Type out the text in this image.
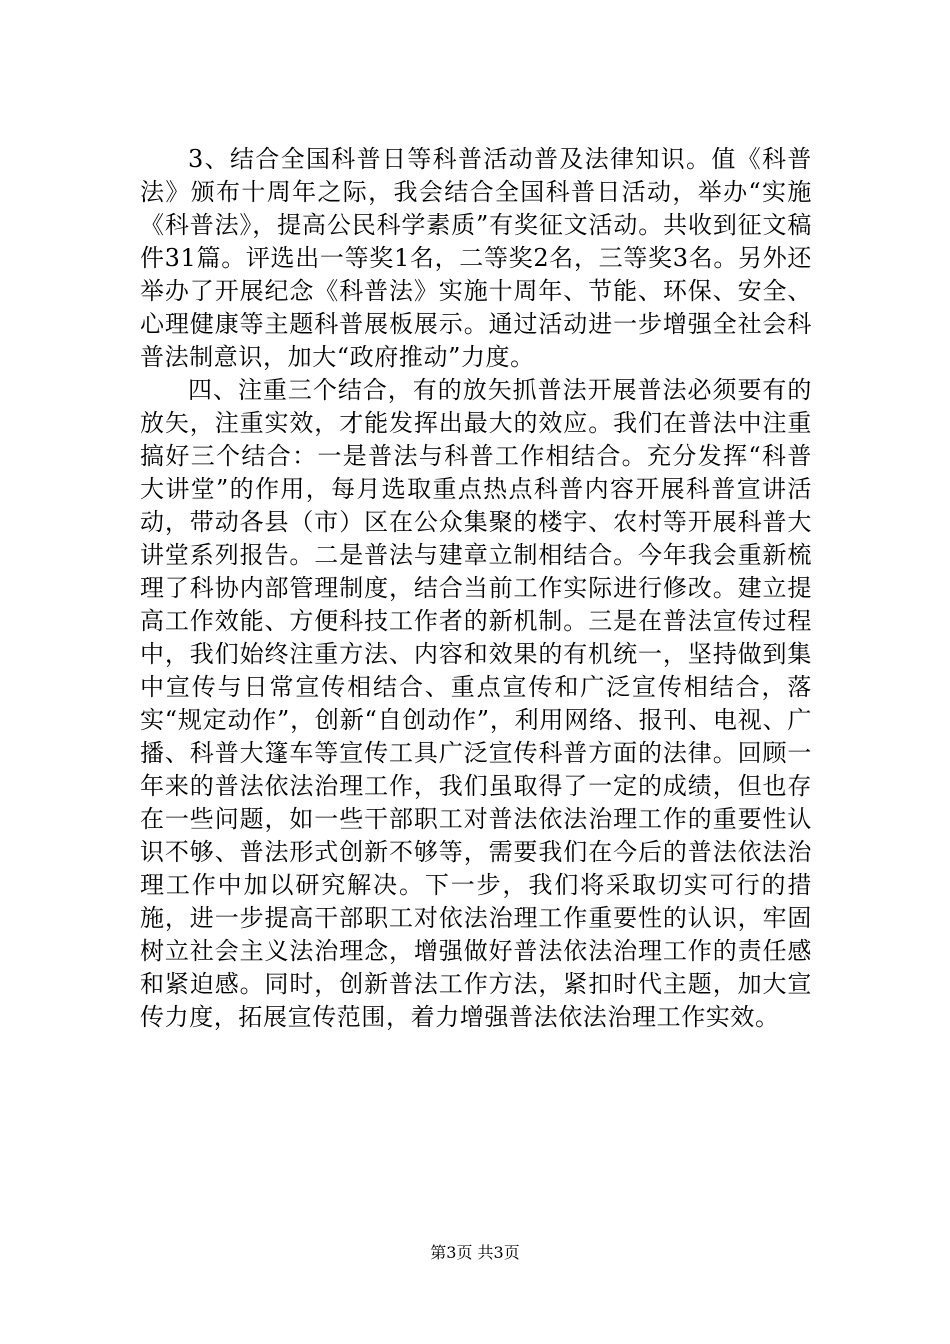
3、结合全国科普日等科普活动普及法律知识。值《科普法》颁布十周年之际，我会结合全国科普日活动，举办“实施《科普法》，提高公民科学素质”有奖征文活动。共收到征文稿件31篇。评选出一等奖1名，二等奖2名，三等奖3名。另外还举办了开展纪念《科普法》实施十周年、节能、环保、安全、心理健康等主题科普展板展示。通过活动进一步增强全社会科普法制意识，加大“政府推动”力度。

四、注重三个结合，有的放矢抓普法开展普法必须要有的放矢，注重实效，才能发挥出最大的效应。我们在普法中注重搞好三个结合：一是普法与科普工作相结合。充分发挥“科普大讲堂”的作用，每月选取重点热点科普内容开展科普宣讲活动，带动各县（市）区在公众集聚的楼宇、农村等开展科普大讲堂系列报告。二是普法与建章立制相结合。今年我会重新梳理了科协内部管理制度，结合当前工作实际进行修改。建立提高工作效能、方便科技工作者的新机制。三是在普法宣传过程中，我们始终注重方法、内容和效果的有机统一，坚持做到集中宣传与日常宣传相结合、重点宣传和广泛宣传相结合，落实“规定动作”，创新“自创动作”，利用网络、报刊、电视、广播、科普大篷车等宣传工具广泛宣传科普方面的法律。回顾一年来的普法依法治理工作，我们虽取得了一定的成绩，但也存在一些问题，如一些干部职工对普法依法治理工作的重要性认识不够、普法形式创新不够等，需要我们在今后的普法依法治理工作中加以研究解决。下一步，我们将采取切实可行的措施，进一步提高干部职工对依法治理工作重要性的认识，牢固树立社会主义法治理念，增强做好普法依法治理工作的责任感和紧迫感。同时，创新普法工作方法，紧扣时代主题，加大宣传力度，拓展宣传范围，着力增强普法依法治理工作实效。

第3页 共3页
